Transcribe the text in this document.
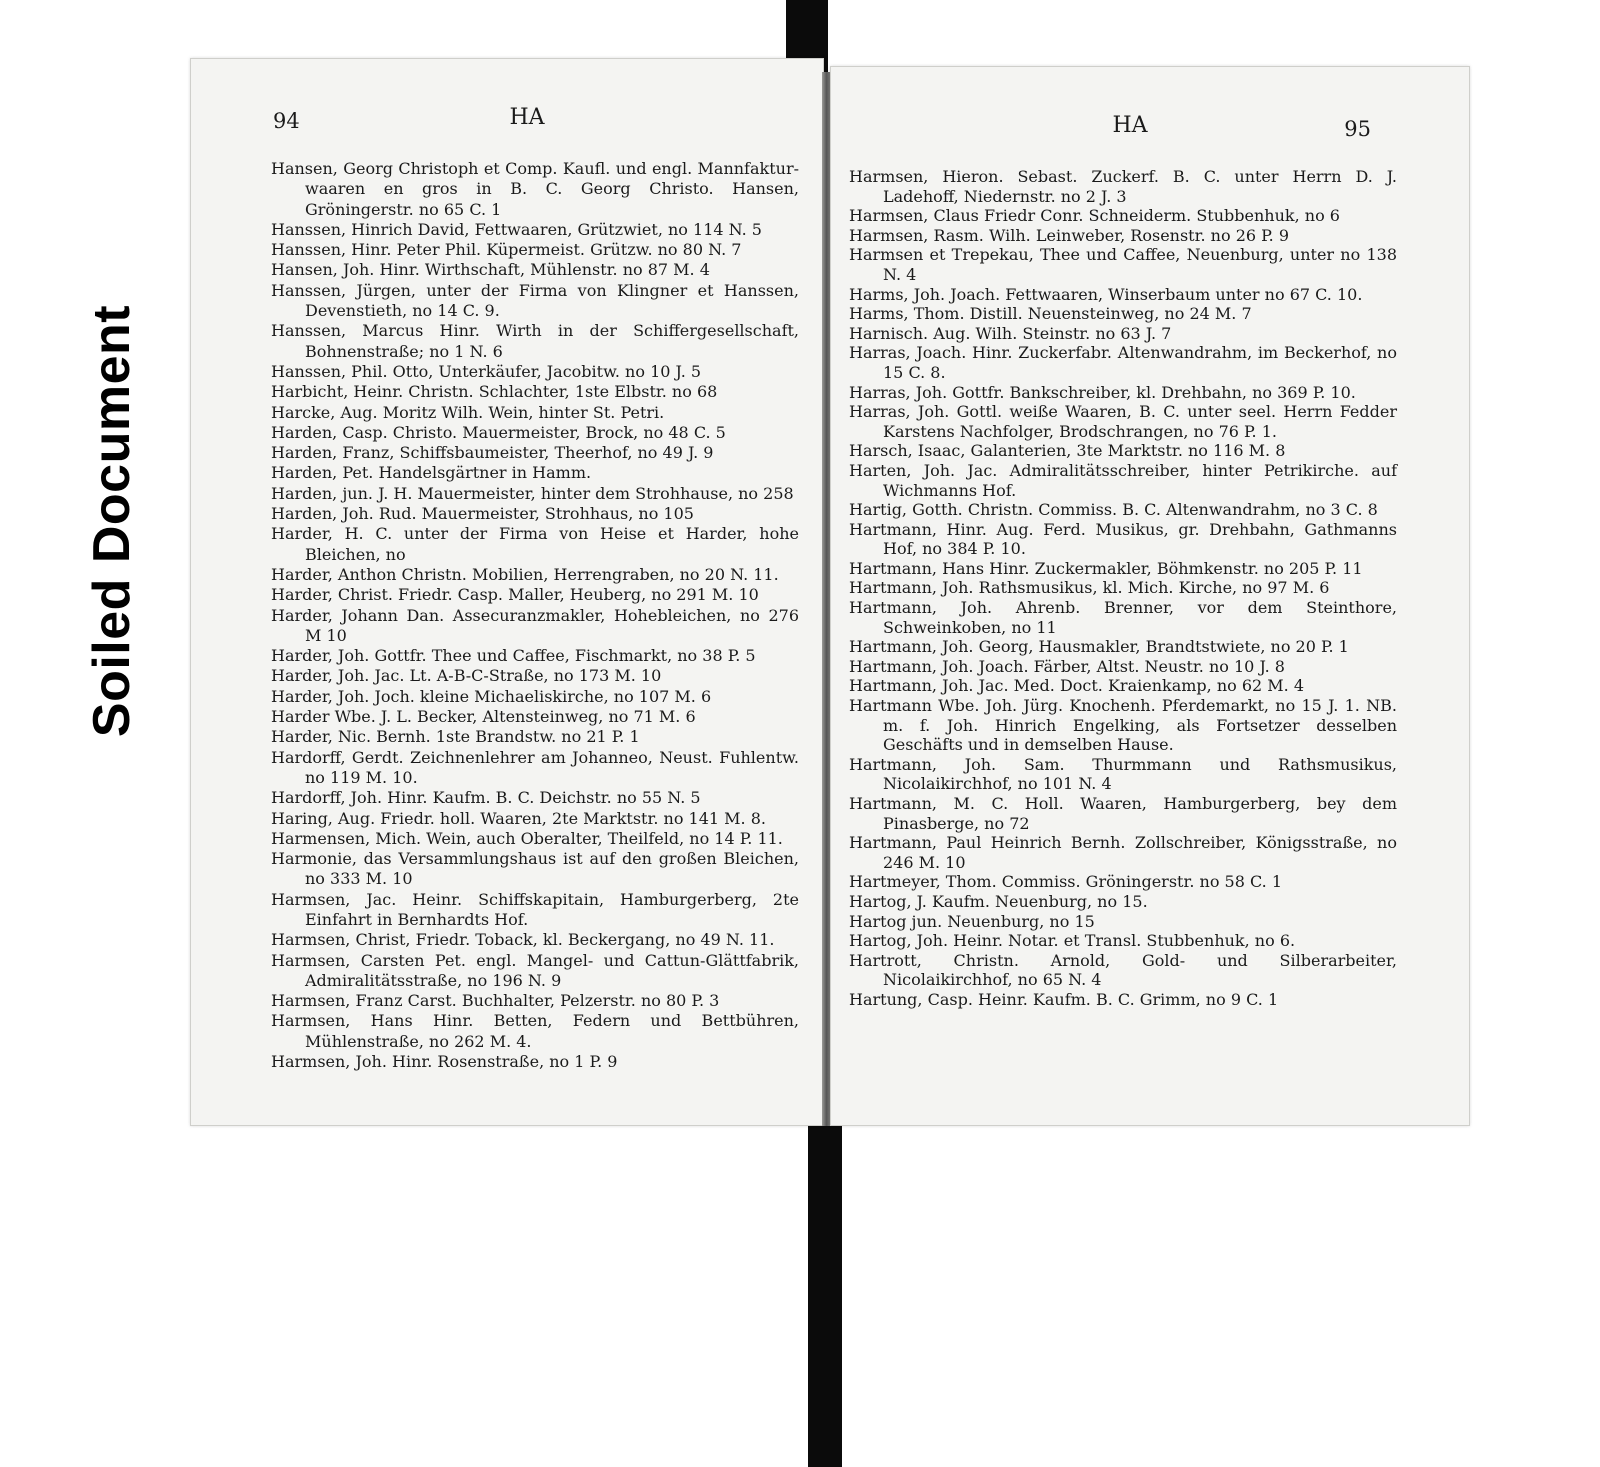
Soiled Document
94	HA
Hansen, Georg Christoph et Comp. Kaufl. und engl. Mannfaktur-waaren en gros in B. C. Georg Christo. Hansen, Gröningerstr. no 65 C. 1
Hanssen, Hinrich David, Fettwaaren, Grützwiet, no 114 N. 5
Hanssen, Hinr. Peter Phil. Küpermeist. Grützw. no 80 N. 7
Hansen, Joh. Hinr. Wirthschaft, Mühlenstr. no 87 M. 4
Hanssen, Jürgen, unter der Firma von Klingner et Hanssen, Devenstieth, no 14 C. 9.
Hanssen, Marcus Hinr. Wirth in der Schiffergesellschaft, Bohnenstraße; no 1 N. 6
Hanssen, Phil. Otto, Unterkäufer, Jacobitw. no 10 J. 5
Harbicht, Heinr. Christn. Schlachter, 1ste Elbstr. no 68
Harcke, Aug. Moritz Wilh. Wein, hinter St. Petri.
Harden, Casp. Christo. Mauermeister, Brock, no 48 C. 5
Harden, Franz, Schiffsbaumeister, Theerhof, no 49 J. 9
Harden, Pet. Handelsgärtner in Hamm.
Harden, jun. J. H. Mauermeister, hinter dem Strohhause, no 258
Harden, Joh. Rud. Mauermeister, Strohhaus, no 105
Harder, H. C. unter der Firma von Heise et Harder, hohe Bleichen, no
Harder, Anthon Christn. Mobilien, Herrengraben, no 20 N. 11.
Harder, Christ. Friedr. Casp. Maller, Heuberg, no 291 M. 10
Harder, Johann Dan. Assecuranzmakler, Hohebleichen, no 276 M 10
Harder, Joh. Gottfr. Thee und Caffee, Fischmarkt, no 38 P. 5
Harder, Joh. Jac. Lt. A-B-C-Straße, no 173 M. 10
Harder, Joh. Joch. kleine Michaeliskirche, no 107 M. 6
Harder Wbe. J. L. Becker, Altensteinweg, no 71 M. 6
Harder, Nic. Bernh. 1ste Brandstw. no 21 P. 1
Hardorff, Gerdt. Zeichnenlehrer am Johanneo, Neust. Fuhlentw. no 119 M. 10.
Hardorff, Joh. Hinr. Kaufm. B. C. Deichstr. no 55 N. 5
Haring, Aug. Friedr. holl. Waaren, 2te Marktstr. no 141 M. 8.
Harmensen, Mich. Wein, auch Oberalter, Theilfeld, no 14 P. 11.
Harmonie, das Versammlungshaus ist auf den großen Bleichen, no 333 M. 10
Harmsen, Jac. Heinr. Schiffskapitain, Hamburgerberg, 2te Einfahrt in Bernhardts Hof.
Harmsen, Christ, Friedr. Toback, kl. Beckergang, no 49 N. 11.
Harmsen, Carsten Pet. engl. Mangel- und Cattun-Glättfabrik, Admiralitätsstraße, no 196 N. 9
Harmsen, Franz Carst. Buchhalter, Pelzerstr. no 80 P. 3
Harmsen, Hans Hinr. Betten, Federn und Bettbühren, Mühlenstraße, no 262 M. 4.
Harmsen, Joh. Hinr. Rosenstraße, no 1 P. 9
HA	95
Harmsen, Hieron. Sebast. Zuckerf. B. C. unter Herrn D. J. Ladehoff, Niedernstr. no 2 J. 3
Harmsen, Claus Friedr Conr. Schneiderm. Stubbenhuk, no 6
Harmsen, Rasm. Wilh. Leinweber, Rosenstr. no 26 P. 9
Harmsen et Trepekau, Thee und Caffee, Neuenburg, unter no 138 N. 4
Harms, Joh. Joach. Fettwaaren, Winserbaum unter no 67 C. 10.
Harms, Thom. Distill. Neuensteinweg, no 24 M. 7
Harnisch. Aug. Wilh. Steinstr. no 63 J. 7
Harras, Joach. Hinr. Zuckerfabr. Altenwandrahm, im Beckerhof, no 15 C. 8.
Harras, Joh. Gottfr. Bankschreiber, kl. Drehbahn, no 369 P. 10.
Harras, Joh. Gottl. weiße Waaren, B. C. unter seel. Herrn Fedder Karstens Nachfolger, Brodschrangen, no 76 P. 1.
Harsch, Isaac, Galanterien, 3te Marktstr. no 116 M. 8
Harten, Joh. Jac. Admiralitätsschreiber, hinter Petrikirche. auf Wichmanns Hof.
Hartig, Gotth. Christn. Commiss. B. C. Altenwandrahm, no 3 C. 8
Hartmann, Hinr. Aug. Ferd. Musikus, gr. Drehbahn, Gathmanns Hof, no 384 P. 10.
Hartmann, Hans Hinr. Zuckermakler, Böhmkenstr. no 205 P. 11
Hartmann, Joh. Rathsmusikus, kl. Mich. Kirche, no 97 M. 6
Hartmann, Joh. Ahrenb. Brenner, vor dem Steinthore, Schweinkoben, no 11
Hartmann, Joh. Georg, Hausmakler, Brandtstwiete, no 20 P. 1
Hartmann, Joh. Joach. Färber, Altst. Neustr. no 10 J. 8
Hartmann, Joh. Jac. Med. Doct. Kraienkamp, no 62 M. 4
Hartmann Wbe. Joh. Jürg. Knochenh. Pferdemarkt, no 15 J. 1. NB. m. f. Joh. Hinrich Engelking, als Fortsetzer desselben Geschäfts und in demselben Hause.
Hartmann, Joh. Sam. Thurmmann und Rathsmusikus, Nicolaikirchhof, no 101 N. 4
Hartmann, M. C. Holl. Waaren, Hamburgerberg, bey dem Pinasberge, no 72
Hartmann, Paul Heinrich Bernh. Zollschreiber, Königsstraße, no 246 M. 10
Hartmeyer, Thom. Commiss. Gröningerstr. no 58 C. 1
Hartog, J. Kaufm. Neuenburg, no 15.
Hartog jun. Neuenburg, no 15
Hartog, Joh. Heinr. Notar. et Transl. Stubbenhuk, no 6.
Hartrott, Christn. Arnold, Gold- und Silberarbeiter, Nicolaikirchhof, no 65 N. 4
Hartung, Casp. Heinr. Kaufm. B. C. Grimm, no 9 C. 1
